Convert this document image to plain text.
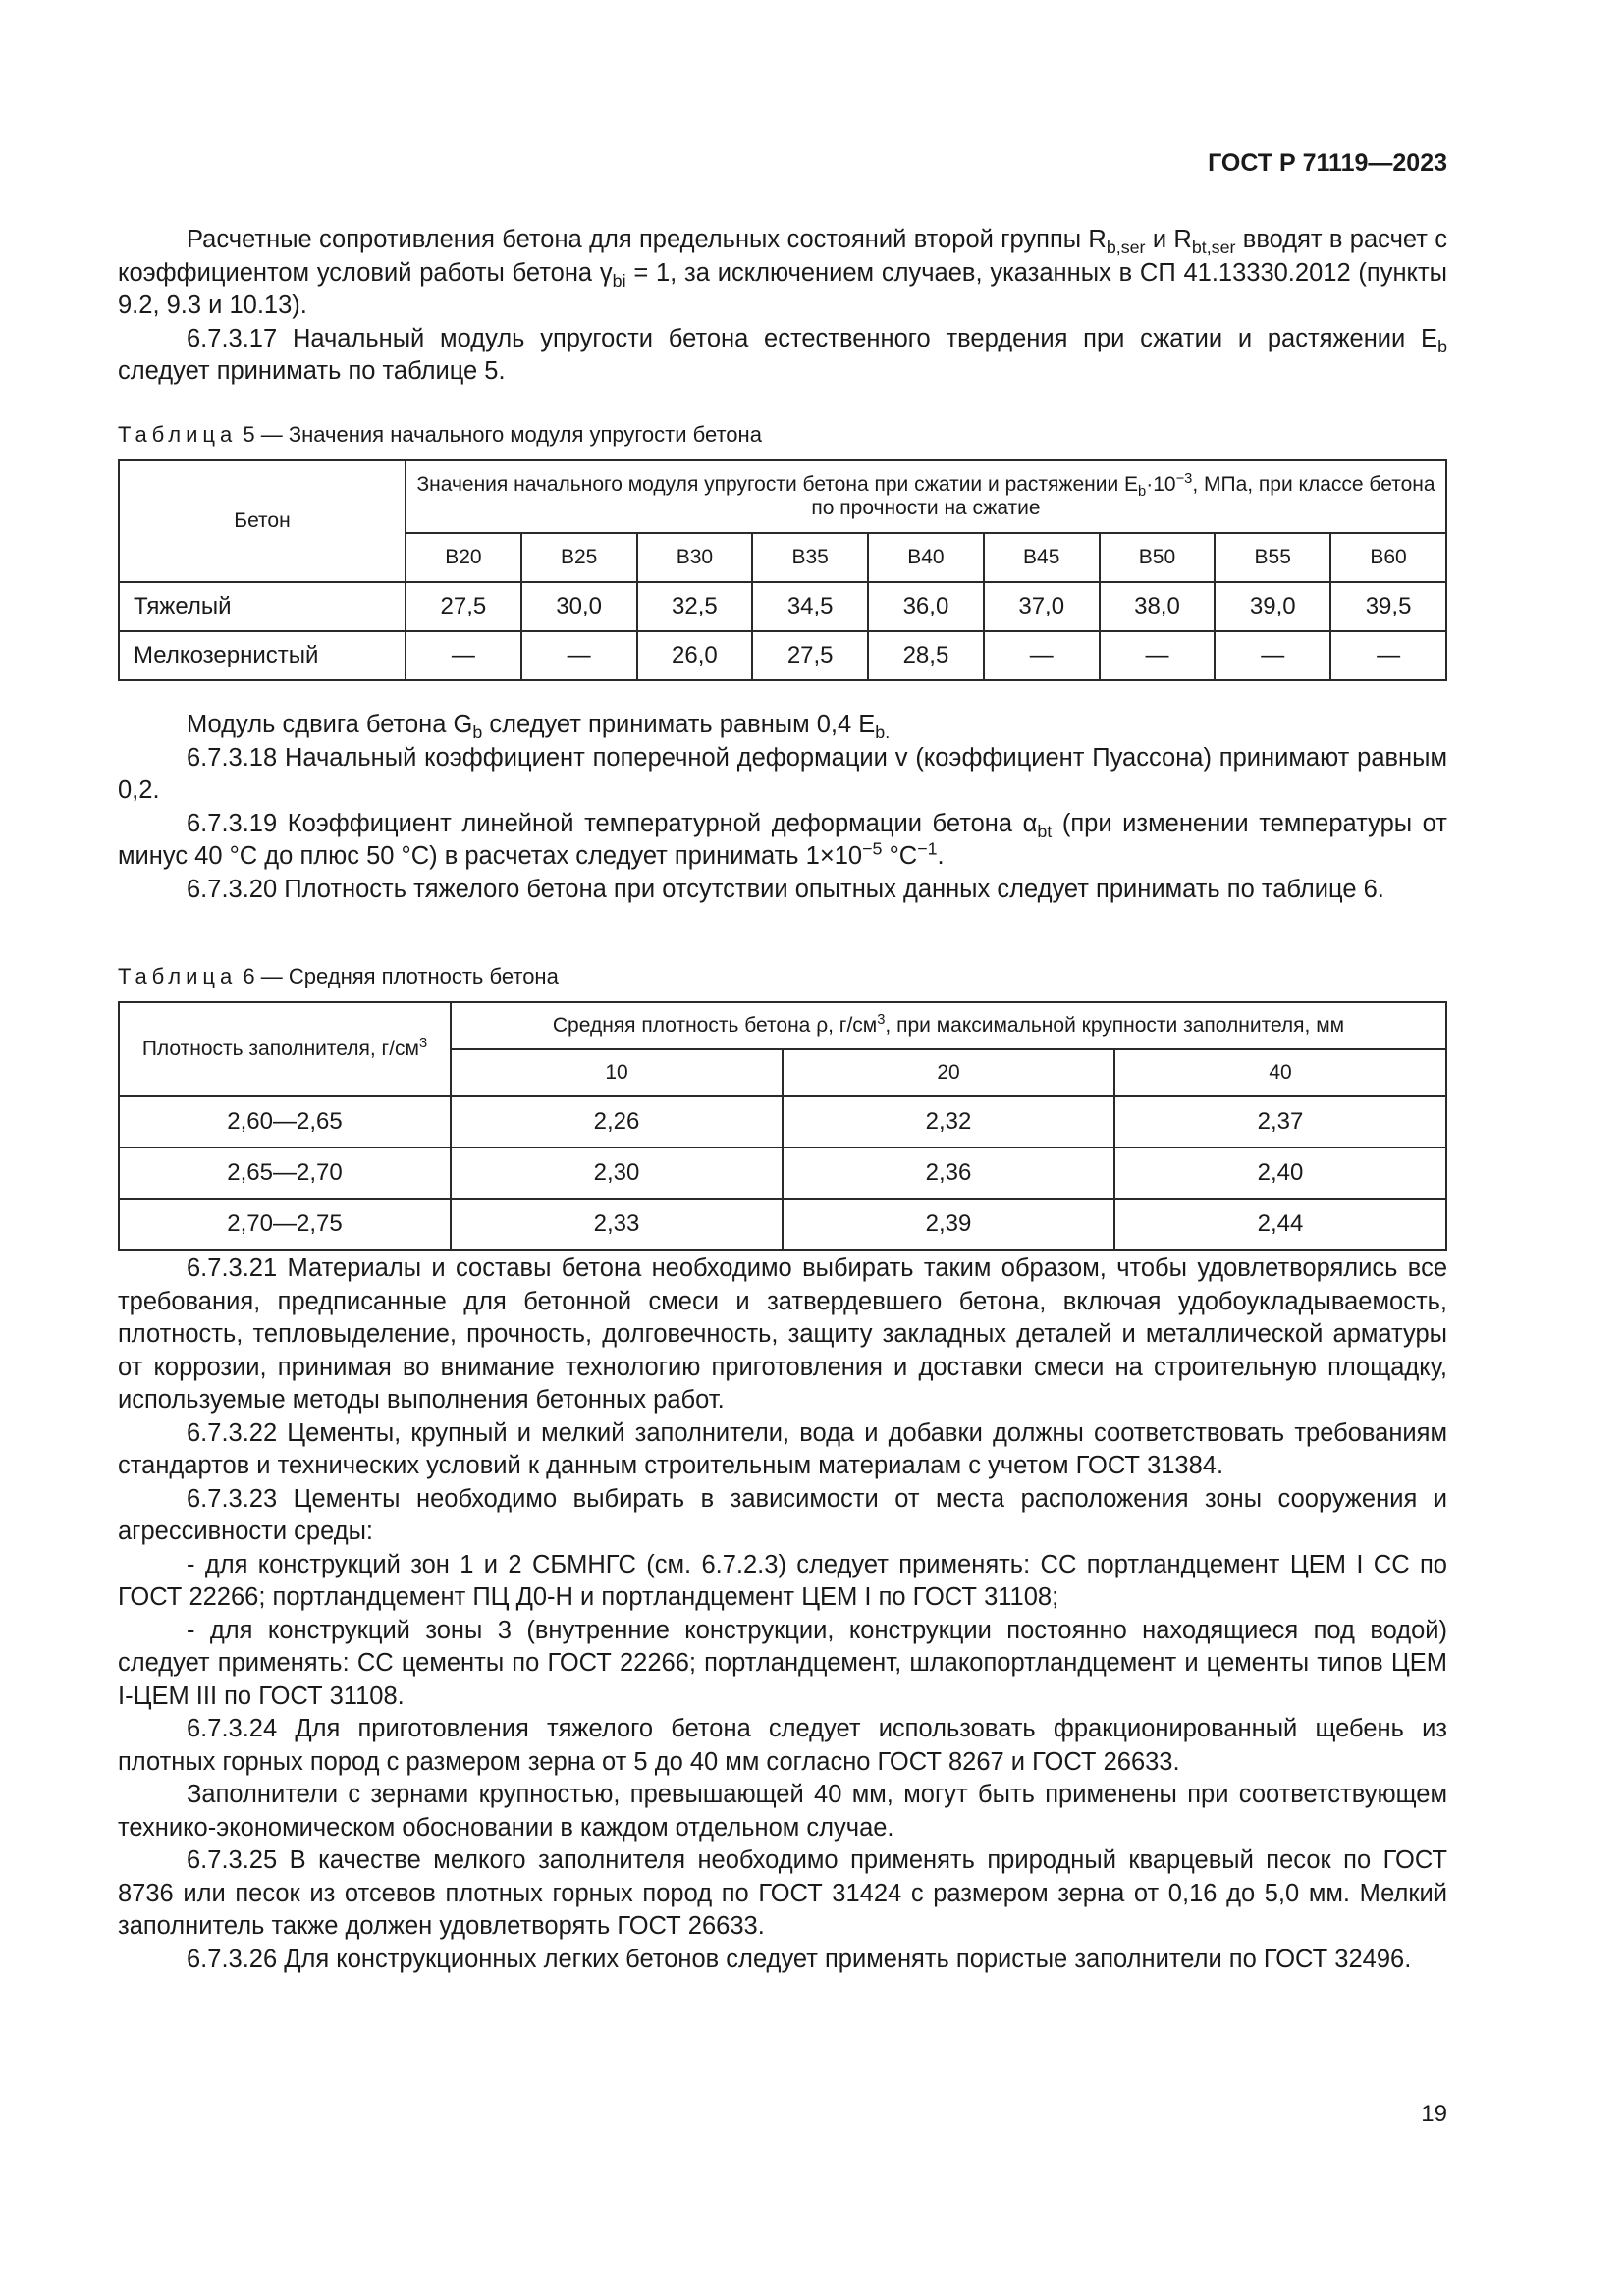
ГОСТ Р 71119—2023

Расчетные сопротивления бетона для предельных состояний второй группы $R_{b,ser}$ и $R_{bt,ser}$ вводят в расчет с коэффициентом условий работы бетона $\gamma_{bi} = 1$, за исключением случаев, указанных в СП 41.13330.2012 (пункты 9.2, 9.3 и 10.13).

6.7.3.17 Начальный модуль упругости бетона естественного твердения при сжатии и растяжении $E_b$ следует принимать по таблице 5.

Таблица 5 — Значения начального модуля упругости бетона
Бетон	Значения начального модуля упругости бетона при сжатии и растяжении $E_b\cdot 10^{-3}$, МПа, при классе бетона по прочности на сжатие								
	B20	B25	B30	B35	B40	B45	B50	B55	B60
Тяжелый	27,5	30,0	32,5	34,5	36,0	37,0	38,0	39,0	39,5
Мелкозернистый	—	—	26,0	27,5	28,5	—	—	—	—

Модуль сдвига бетона $G_b$ следует принимать равным 0,4 $E_{b.}$

6.7.3.18 Начальный коэффициент поперечной деформации v (коэффициент Пуассона) принимают равным 0,2.

6.7.3.19 Коэффициент линейной температурной деформации бетона $\alpha_{bt}$ (при изменении температуры от минус 40 °С до плюс 50 °С) в расчетах следует принимать $1\times 10^{-5}$ $^\circ С^{-1}$.

6.7.3.20 Плотность тяжелого бетона при отсутствии опытных данных следует принимать по таблице 6.

Таблица 6 — Средняя плотность бетона
Плотность заполнителя, $г/см^3$	Средняя плотность бетона ρ, $г/см^3$, при максимальной крупности заполнителя, мм		
	10	20	40
2,60—2,65	2,26	2,32	2,37
2,65—2,70	2,30	2,36	2,40
2,70—2,75	2,33	2,39	2,44

6.7.3.21 Материалы и составы бетона необходимо выбирать таким образом, чтобы удовлетворялись все требования, предписанные для бетонной смеси и затвердевшего бетона, включая удобоукладываемость, плотность, тепловыделение, прочность, долговечность, защиту закладных деталей и металлической арматуры от коррозии, принимая во внимание технологию приготовления и доставки смеси на строительную площадку, используемые методы выполнения бетонных работ.

6.7.3.22 Цементы, крупный и мелкий заполнители, вода и добавки должны соответствовать требованиям стандартов и технических условий к данным строительным материалам с учетом ГОСТ 31384.

6.7.3.23 Цементы необходимо выбирать в зависимости от места расположения зоны сооружения и агрессивности среды:

- для конструкций зон 1 и 2 СБМНГС (см. 6.7.2.3) следует применять: СС портландцемент ЦЕМ I СС по ГОСТ 22266; портландцемент ПЦ Д0-Н и портландцемент ЦЕМ I по ГОСТ 31108;

- для конструкций зоны 3 (внутренние конструкции, конструкции постоянно находящиеся под водой) следует применять: СС цементы по ГОСТ 22266; портландцемент, шлакопортландцемент и цементы типов ЦЕМ I-ЦЕМ III по ГОСТ 31108.

6.7.3.24 Для приготовления тяжелого бетона следует использовать фракционированный щебень из плотных горных пород с размером зерна от 5 до 40 мм согласно ГОСТ 8267 и ГОСТ 26633.

Заполнители с зернами крупностью, превышающей 40 мм, могут быть применены при соответствующем технико-экономическом обосновании в каждом отдельном случае.

6.7.3.25 В качестве мелкого заполнителя необходимо применять природный кварцевый песок по ГОСТ 8736 или песок из отсевов плотных горных пород по ГОСТ 31424 с размером зерна от 0,16 до 5,0 мм. Мелкий заполнитель также должен удовлетворять ГОСТ 26633.

6.7.3.26 Для конструкционных легких бетонов следует применять пористые заполнители по ГОСТ 32496.

19
